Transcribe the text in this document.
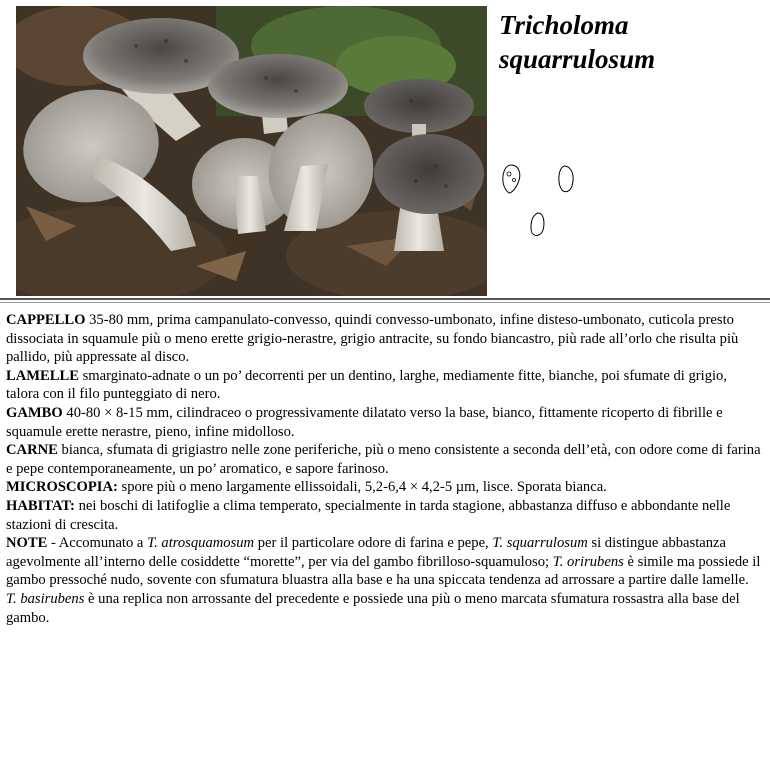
Tricholoma
squarrulosum

CAPPELLO 35-80 mm, prima campanulato-convesso, quindi convesso-umbonato, infine disteso-umbonato, cuticola presto dissociata in squamule più o meno erette grigio-nerastre, grigio antracite, su fondo biancastro, più rade all’orlo che risulta più pallido, più appressate al disco.

LAMELLE smarginato-adnate o un po’ decorrenti per un dentino, larghe, mediamente fitte, bianche, poi sfumate di grigio, talora con il filo punteggiato di nero.

GAMBO 40-80 × 8-15 mm, cilindraceo o progressivamente dilatato verso la base, bianco, fittamente ricoperto di fibrille e squamule erette nerastre, pieno, infine midolloso.

CARNE bianca, sfumata di grigiastro nelle zone periferiche, più o meno consistente a seconda dell’età, con odore come di farina e pepe contemporaneamente, un po’ aromatico, e sapore farinoso.

MICROSCOPIA: spore più o meno largamente ellissoidali, 5,2-6,4 × 4,2-5 µm, lisce. Sporata bianca.

HABITAT: nei boschi di latifoglie a clima temperato, specialmente in tarda stagione, abbastanza diffuso e abbondante nelle stazioni di crescita.

NOTE - Accomunato a T. atrosquamosum per il particolare odore di farina e pepe, T. squarrulosum si distingue abbastanza agevolmente all’interno delle cosiddette “morette”, per via del gambo fibrilloso-squamuloso; T. orirubens è simile ma possiede il gambo pressoché nudo, sovente con sfumatura bluastra alla base e ha una spiccata tendenza ad arrossare a partire dalle lamelle. T. basirubens è una replica non arrossante del precedente e possiede una più o meno marcata sfumatura rossastra alla base del gambo.
